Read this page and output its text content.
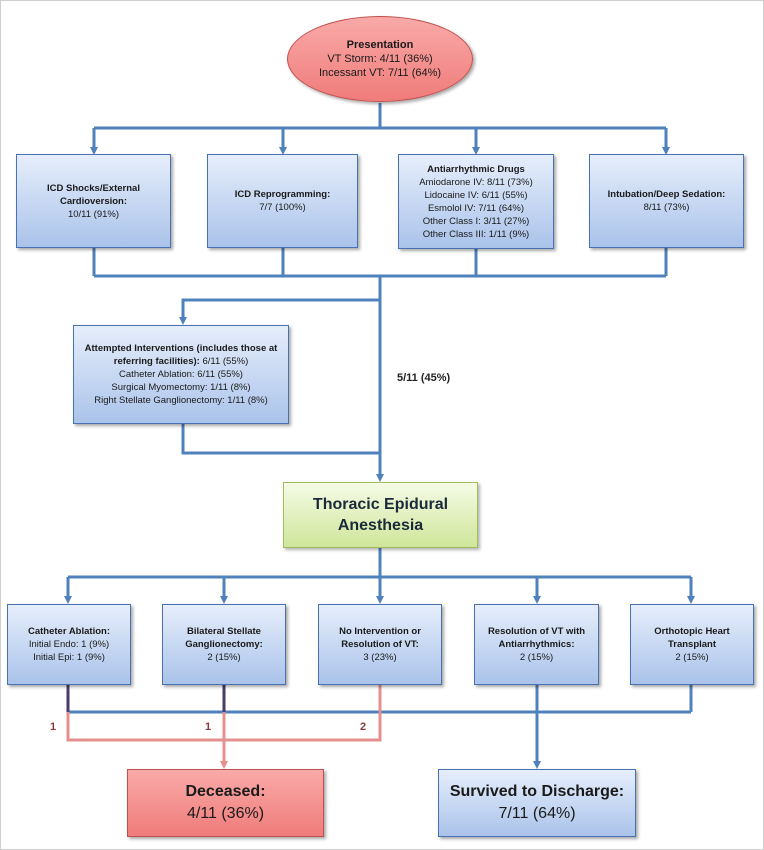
Presentation
VT Storm: 4/11 (36%)
Incessant VT: 7/11 (64%)
ICD Shocks/External Cardioversion:
10/11 (91%)
ICD Reprogramming:
7/7 (100%)
Antiarrhythmic Drugs
Amiodarone IV: 8/11 (73%)
Lidocaine IV: 6/11 (55%)
Esmolol IV: 7/11 (64%)
Other Class I: 3/11 (27%)
Other Class III: 1/11 (9%)
Intubation/Deep Sedation:
8/11 (73%)
Attempted Interventions (includes those at referring facilities): 6/11 (55%)
Catheter Ablation: 6/11 (55%)
Surgical Myomectomy: 1/11 (8%)
Right Stellate Ganglionectomy: 1/11 (8%)
5/11 (45%)
Thoracic Epidural
Anesthesia
Catheter Ablation:
Initial Endo: 1 (9%)
Initial Epi: 1 (9%)
Bilateral Stellate Ganglionectomy:
2 (15%)
No Intervention or Resolution of VT:
3 (23%)
Resolution of VT with Antiarrhythmics:
2 (15%)
Orthotopic Heart Transplant
2 (15%)
1	1	2
Deceased:
4/11 (36%)
Survived to Discharge:
7/11 (64%)
